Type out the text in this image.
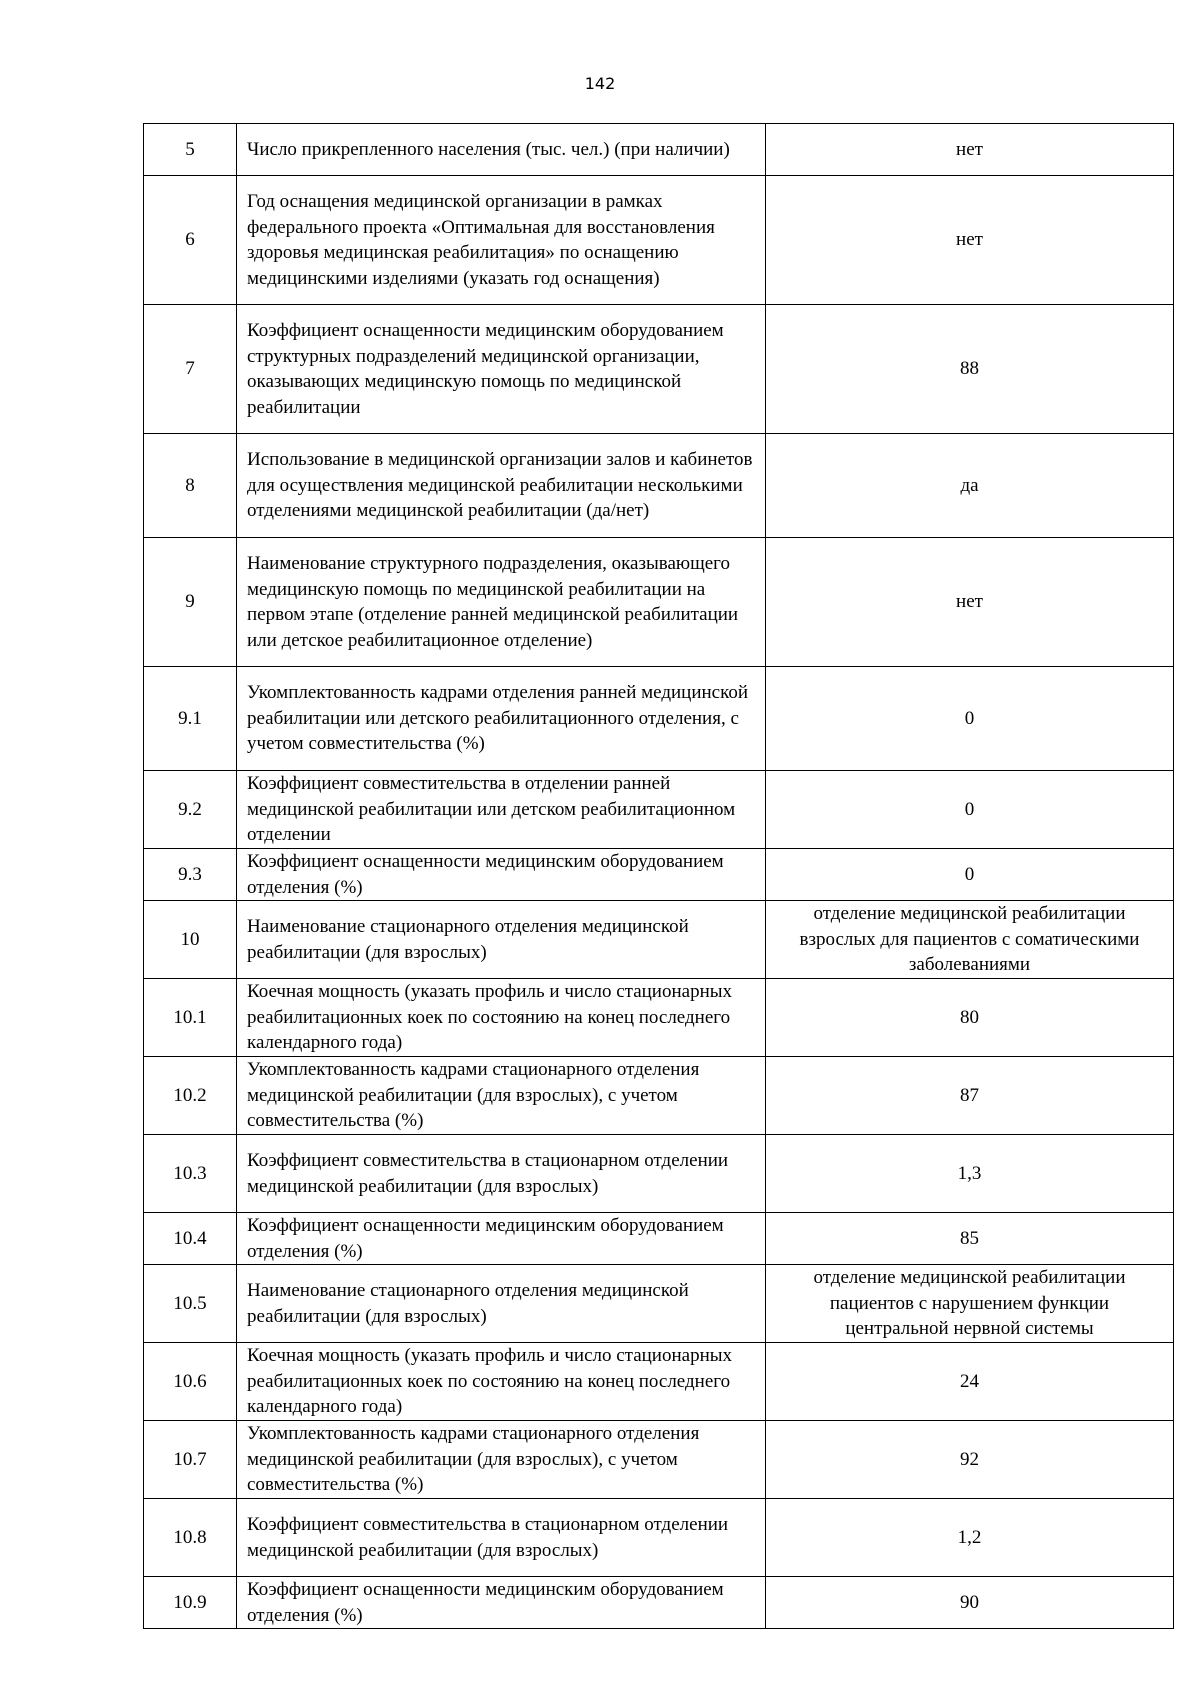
142
5	Число прикрепленного населения (тыс. чел.) (при наличии)	нет
6	Год оснащения медицинской организации в рамках федерального проекта «Оптимальная для восстановления здоровья медицинская реабилитация» по оснащению медицинскими изделиями (указать год оснащения)	нет
7	Коэффициент оснащенности медицинским оборудованием структурных подразделений медицинской организации, оказывающих медицинскую помощь по медицинской реабилитации	88
8	Использование в медицинской организации залов и кабинетов для осуществления медицинской реабилитации несколькими отделениями медицинской реабилитации (да/нет)	да
9	Наименование структурного подразделения, оказывающего медицинскую помощь по медицинской реабилитации на первом этапе (отделение ранней медицинской реабилитации или детское реабилитационное отделение)	нет
9.1	Укомплектованность кадрами отделения ранней медицинской реабилитации или детского реабилитационного отделения, с учетом совместительства (%)	0
9.2	Коэффициент совместительства в отделении ранней медицинской реабилитации или детском реабилитационном отделении	0
9.3	Коэффициент оснащенности медицинским оборудованием отделения (%)	0
10	Наименование стационарного отделения медицинской реабилитации (для взрослых)	отделение медицинской реабилитации взрослых для пациентов с соматическими заболеваниями
10.1	Коечная мощность (указать профиль и число стационарных реабилитационных коек по состоянию на конец последнего календарного года)	80
10.2	Укомплектованность кадрами стационарного отделения медицинской реабилитации (для взрослых), с учетом совместительства (%)	87
10.3	Коэффициент совместительства в стационарном отделении медицинской реабилитации (для взрослых)	1,3
10.4	Коэффициент оснащенности медицинским оборудованием отделения (%)	85
10.5	Наименование стационарного отделения медицинской реабилитации (для взрослых)	отделение медицинской реабилитации пациентов с нарушением функции центральной нервной системы
10.6	Коечная мощность (указать профиль и число стационарных реабилитационных коек по состоянию на конец последнего календарного года)	24
10.7	Укомплектованность кадрами стационарного отделения медицинской реабилитации (для взрослых), с учетом совместительства (%)	92
10.8	Коэффициент совместительства в стационарном отделении медицинской реабилитации (для взрослых)	1,2
10.9	Коэффициент оснащенности медицинским оборудованием отделения (%)	90
